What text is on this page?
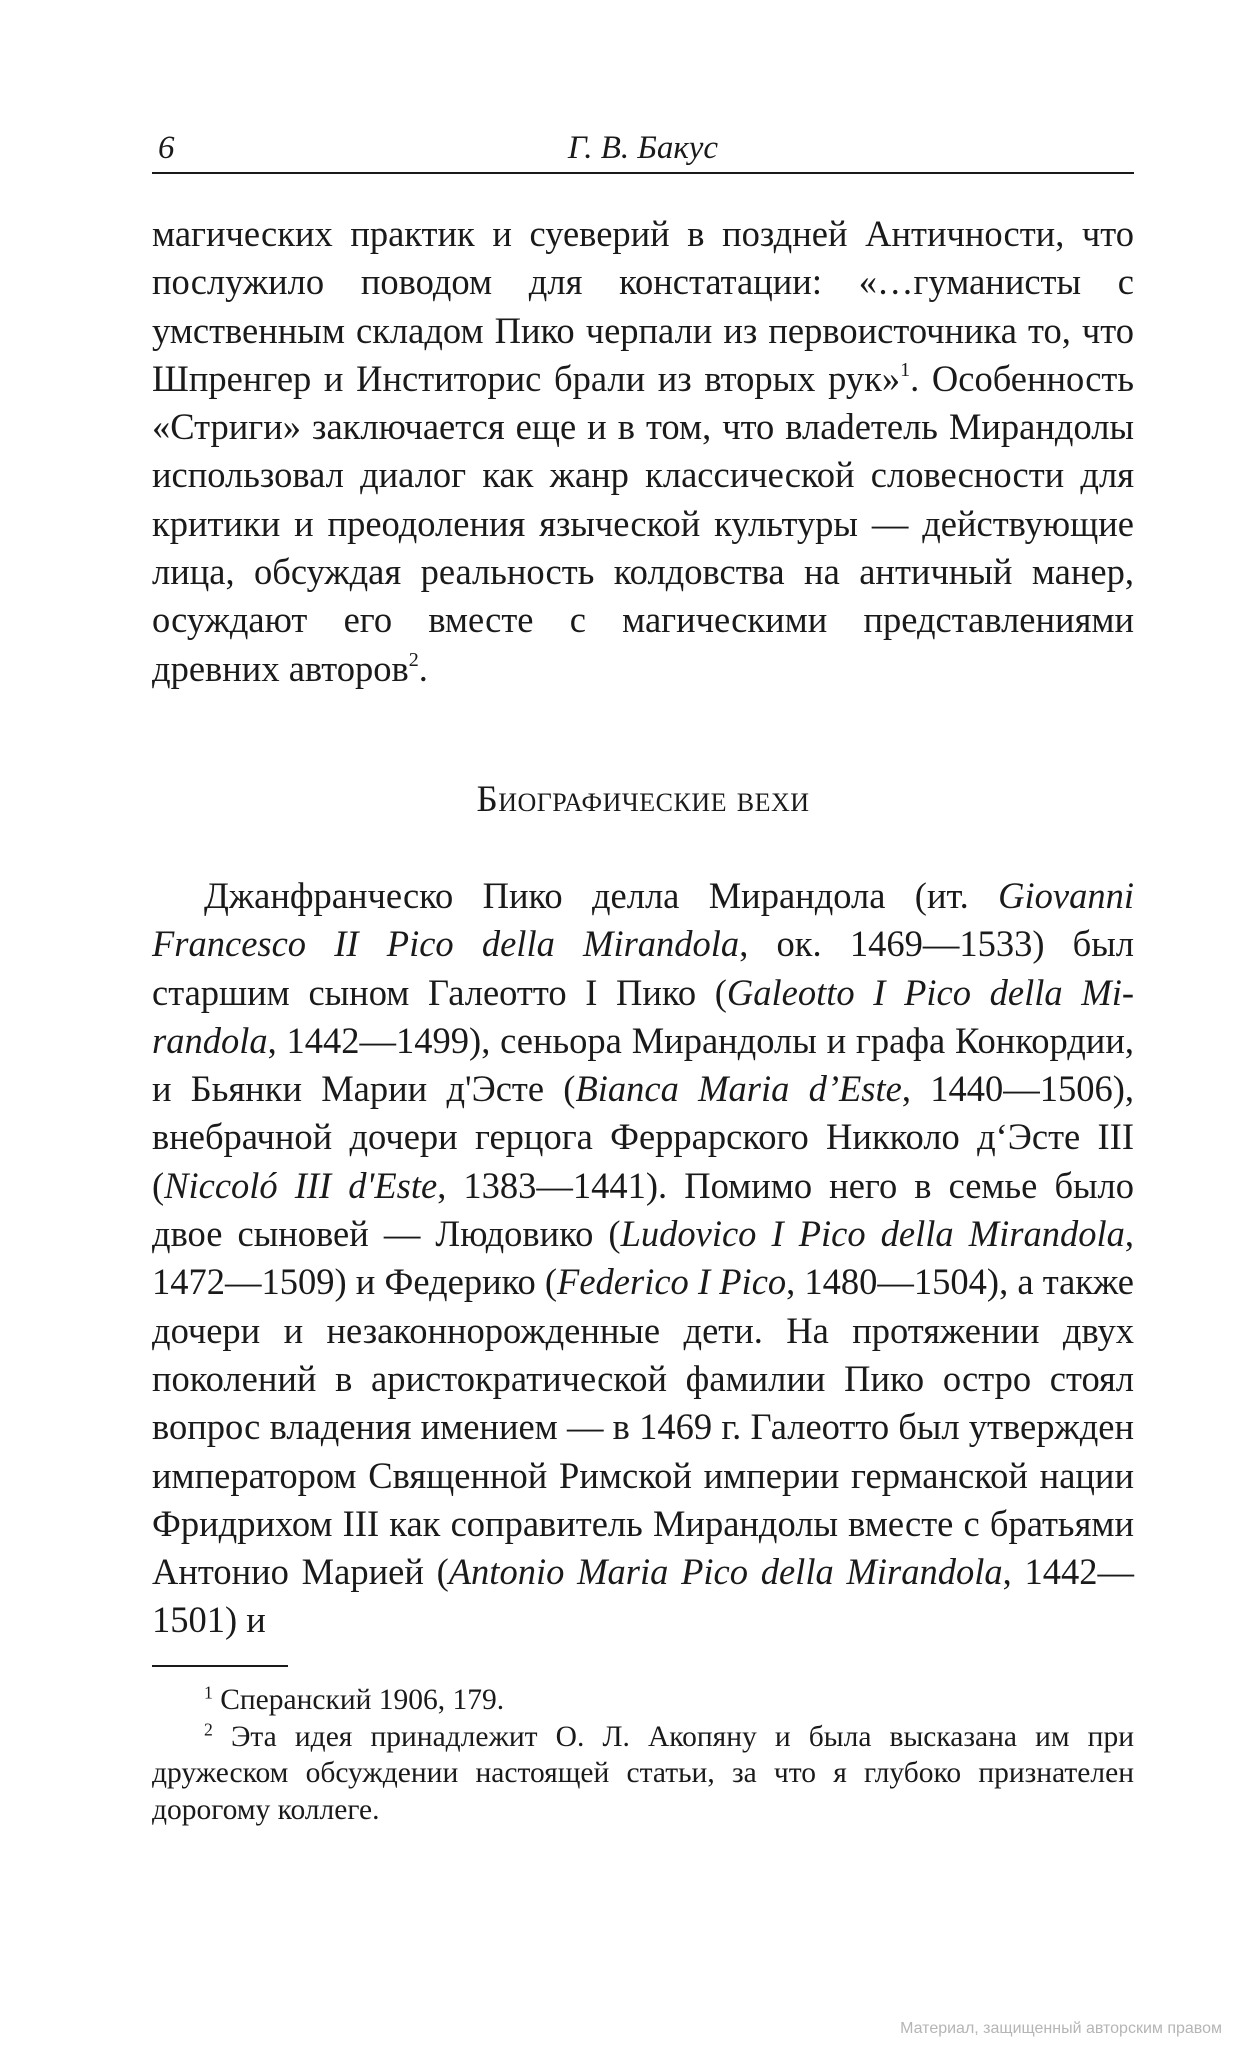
6	Г. В. Бакус

магических практик и суеверий в поздней Античности, что послужило поводом для констатации: «…гуманисты с умственным складом Пико черпали из первоисточника то, что Шпренгер и Инститорис брали из вторых рук»$^1$. Особенность «Стриги» заключается еще и в том, что влаdетель Мирандолы использовал диалог как жанр классической словесности для критики и преодоления языческой культуры — действующие лица, обсуждая реальность колдовства на античный манер, осуждают его вместе с магическими представлениями древних авторов$^2$.

Биографические вехи

Джанфранческо Пико делла Мирандола (ит. Giovanni Francesco II Pico della Mirandola, ок. 1469—1533) был старшим сыном Галеотто I Пико (Galeotto I Pico della Mirandola, 1442—1499), сеньора Мирандолы и графа Конкордии, и Бьянки Марии д'Эсте (Bianca Maria d’Este, 1440—1506), внебрачной дочери герцога Феррарского Никколо д‘Эсте III (Niccoló III d'Este, 1383—1441). Помимо него в семье было двое сыновей — Людовико (Ludovico I Pico della Mirandola, 1472—1509) и Федерико (Federico I Pico, 1480—1504), а также дочери и незаконнорожденные дети. На протяжении двух поколений в аристократической фамилии Пико остро стоял вопрос владения имением — в 1469 г. Галеотто был утвержден императором Священной Римской империи германской нации Фридрихом III как соправитель Мирандолы вместе с братьями Антонио Марией (Antonio Maria Pico della Mirandola, 1442—1501) и

$^1$ Сперанский 1906, 179.

$^2$ Эта идея принадлежит О. Л. Акопяну и была высказана им при дружеском обсуждении настоящей статьи, за что я глубоко признателен дорогому коллеге.

Материал, защищенный авторским правом
